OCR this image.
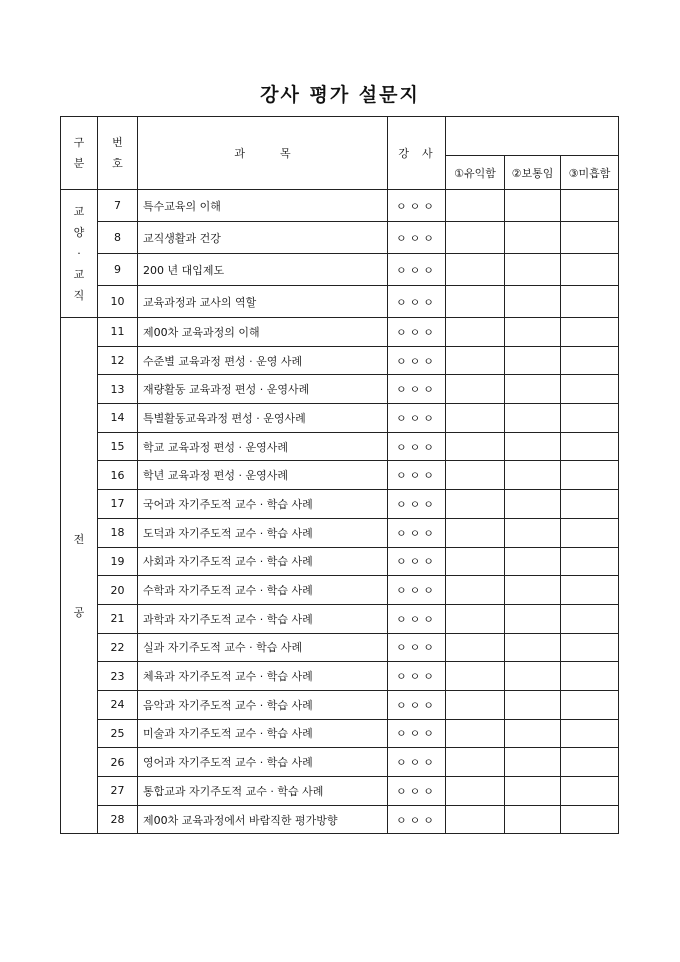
강사 평가 설문지
구
분	번
호	과          목	강  사			
				①유익함	②보통임	③미흡함

교
양
·
교
직	7	특수교육의 이해	ㅇㅇㅇ			
	8	교직생활과 건강	ㅇㅇㅇ			
	9	200 년 대입제도	ㅇㅇㅇ			
	10	교육과정과 교사의 역할	ㅇㅇㅇ			

전
공	11	제00차 교육과정의 이해	ㅇㅇㅇ			
	12	수준별 교육과정 편성 · 운영 사례	ㅇㅇㅇ			
	13	재량활동 교육과정 편성 · 운영사례	ㅇㅇㅇ			
	14	특별활동교육과정 편성 · 운영사례	ㅇㅇㅇ			
	15	학교 교육과정 편성 · 운영사례	ㅇㅇㅇ			
	16	학년 교육과정 편성 · 운영사례	ㅇㅇㅇ			
	17	국어과 자기주도적 교수 · 학습 사례	ㅇㅇㅇ			
	18	도덕과 자기주도적 교수 · 학습 사례	ㅇㅇㅇ			
	19	사회과 자기주도적 교수 · 학습 사례	ㅇㅇㅇ			
	20	수학과 자기주도적 교수 · 학습 사례	ㅇㅇㅇ			
	21	과학과 자기주도적 교수 · 학습 사례	ㅇㅇㅇ			
	22	실과 자기주도적 교수 · 학습 사례	ㅇㅇㅇ			
	23	체육과 자기주도적 교수 · 학습 사례	ㅇㅇㅇ			
	24	음악과 자기주도적 교수 · 학습 사례	ㅇㅇㅇ			
	25	미술과 자기주도적 교수 · 학습 사례	ㅇㅇㅇ			
	26	영어과 자기주도적 교수 · 학습 사례	ㅇㅇㅇ			
	27	통합교과 자기주도적 교수 · 학습 사례	ㅇㅇㅇ			
	28	제00차 교육과정에서 바람직한 평가방향	ㅇㅇㅇ			
